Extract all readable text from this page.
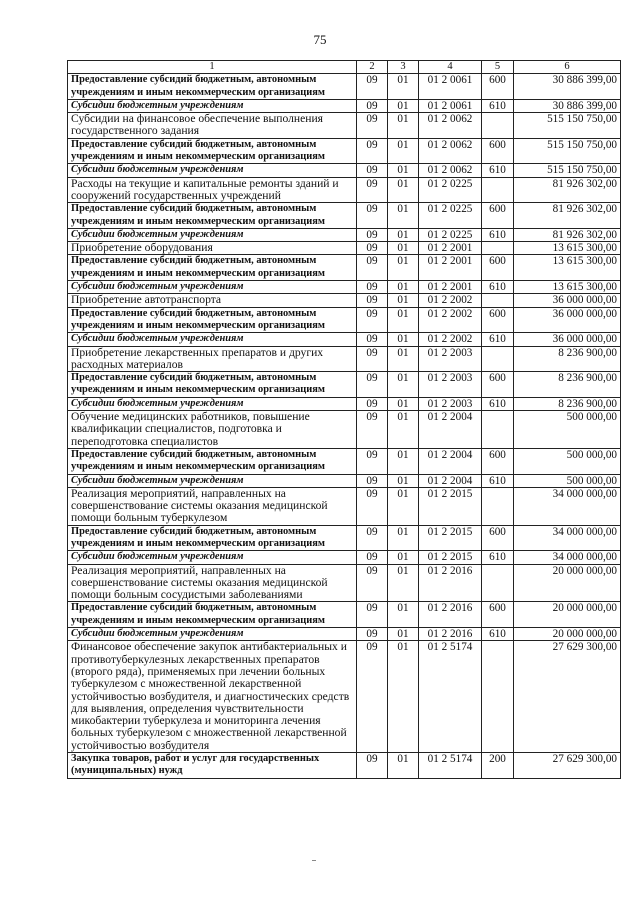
75
1	2	3	4	5	6
Предоставление субсидий бюджетным, автономным учреждениям и иным некоммерческим организациям	09	01	01 2 0061	600	30 886 399,00
Субсидии бюджетным учреждениям	09	01	01 2 0061	610	30 886 399,00
Субсидии на финансовое обеспечение выполнения государственного задания	09	01	01 2 0062		515 150 750,00
Предоставление субсидий бюджетным, автономным учреждениям и иным некоммерческим организациям	09	01	01 2 0062	600	515 150 750,00
Субсидии бюджетным учреждениям	09	01	01 2 0062	610	515 150 750,00
Расходы на текущие и капитальные ремонты зданий и сооружений государственных учреждений	09	01	01 2 0225		81 926 302,00
Предоставление субсидий бюджетным, автономным учреждениям и иным некоммерческим организациям	09	01	01 2 0225	600	81 926 302,00
Субсидии бюджетным учреждениям	09	01	01 2 0225	610	81 926 302,00
Приобретение оборудования	09	01	01 2 2001		13 615 300,00
Предоставление субсидий бюджетным, автономным учреждениям и иным некоммерческим организациям	09	01	01 2 2001	600	13 615 300,00
Субсидии бюджетным учреждениям	09	01	01 2 2001	610	13 615 300,00
Приобретение автотранспорта	09	01	01 2 2002		36 000 000,00
Предоставление субсидий бюджетным, автономным учреждениям и иным некоммерческим организациям	09	01	01 2 2002	600	36 000 000,00
Субсидии бюджетным учреждениям	09	01	01 2 2002	610	36 000 000,00
Приобретение лекарственных препаратов и других расходных материалов	09	01	01 2 2003		8 236 900,00
Предоставление субсидий бюджетным, автономным учреждениям и иным некоммерческим организациям	09	01	01 2 2003	600	8 236 900,00
Субсидии бюджетным учреждениям	09	01	01 2 2003	610	8 236 900,00
Обучение медицинских работников, повышение квалификации специалистов, подготовка и переподготовка специалистов	09	01	01 2 2004		500 000,00
Предоставление субсидий бюджетным, автономным учреждениям и иным некоммерческим организациям	09	01	01 2 2004	600	500 000,00
Субсидии бюджетным учреждениям	09	01	01 2 2004	610	500 000,00
Реализация мероприятий, направленных на совершенствование системы оказания медицинской помощи больным туберкулезом	09	01	01 2 2015		34 000 000,00
Предоставление субсидий бюджетным, автономным учреждениям и иным некоммерческим организациям	09	01	01 2 2015	600	34 000 000,00
Субсидии бюджетным учреждениям	09	01	01 2 2015	610	34 000 000,00
Реализация мероприятий, направленных на совершенствование системы оказания медицинской помощи больным сосудистыми заболеваниями	09	01	01 2 2016		20 000 000,00
Предоставление субсидий бюджетным, автономным учреждениям и иным некоммерческим организациям	09	01	01 2 2016	600	20 000 000,00
Субсидии бюджетным учреждениям	09	01	01 2 2016	610	20 000 000,00
Финансовое обеспечение закупок антибактериальных и противотуберкулезных лекарственных препаратов (второго ряда), применяемых при лечении больных туберкулезом с множественной лекарственной устойчивостью возбудителя, и диагностических средств для выявления, определения чувствительности микобактерии туберкулеза и мониторинга лечения больных туберкулезом с множественной лекарственной устойчивостью возбудителя	09	01	01 2 5174		27 629 300,00
Закупка товаров, работ и услуг для государственных (муниципальных) нужд	09	01	01 2 5174	200	27 629 300,00
